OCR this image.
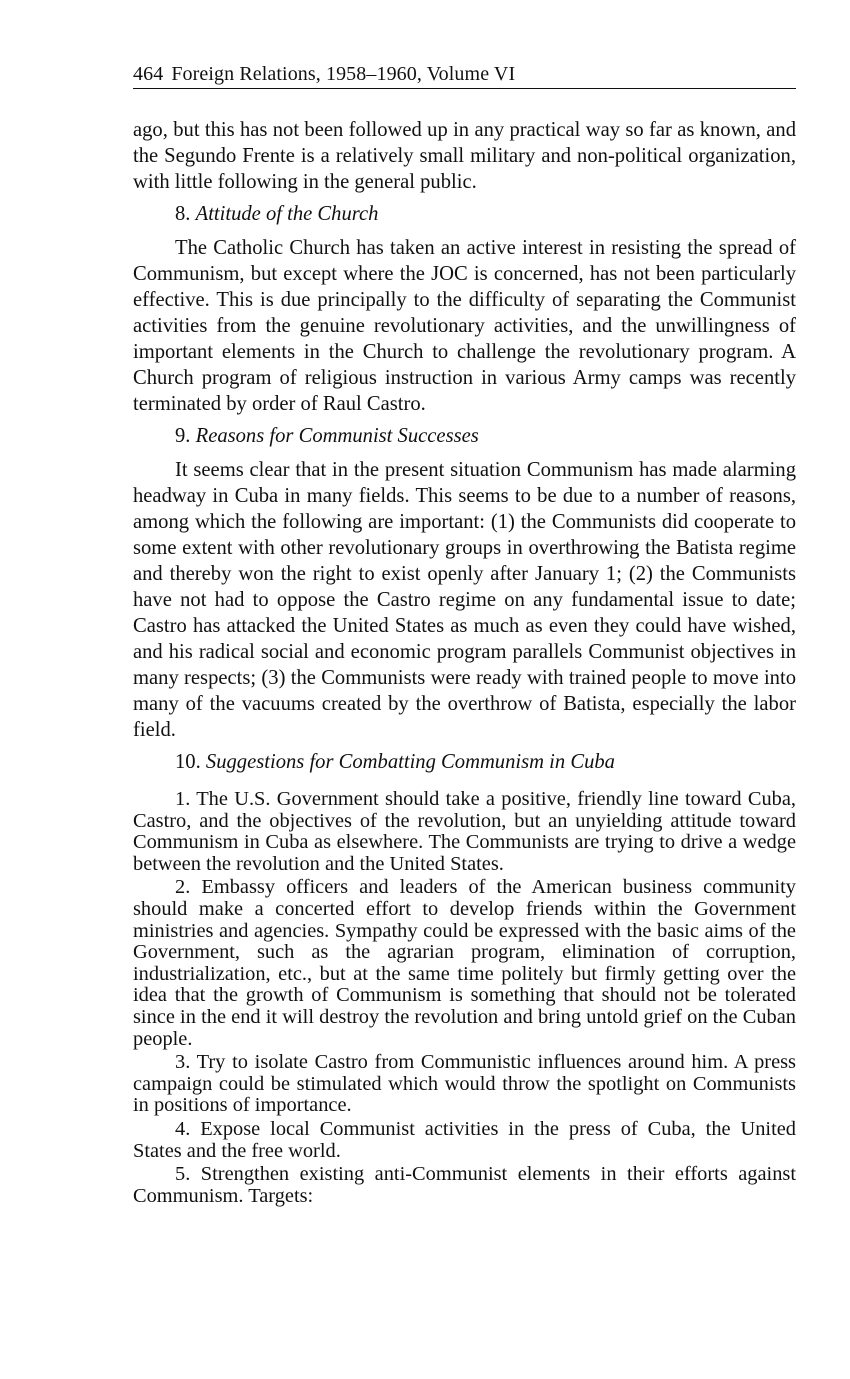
464 Foreign Relations, 1958–1960, Volume VI

ago, but this has not been followed up in any practical way so far as known, and the Segundo Frente is a relatively small military and non-political organization, with little following in the general public.

8. Attitude of the Church

The Catholic Church has taken an active interest in resisting the spread of Communism, but except where the JOC is concerned, has not been particularly effective. This is due principally to the difficulty of separating the Communist activities from the genuine revolutionary activities, and the unwillingness of important elements in the Church to challenge the revolutionary program. A Church program of religious instruction in various Army camps was recently terminated by order of Raul Castro.

9. Reasons for Communist Successes

It seems clear that in the present situation Communism has made alarming headway in Cuba in many fields. This seems to be due to a number of reasons, among which the following are important: (1) the Communists did cooperate to some extent with other revolutionary groups in overthrowing the Batista regime and thereby won the right to exist openly after January 1; (2) the Communists have not had to oppose the Castro regime on any fundamental issue to date; Castro has attacked the United States as much as even they could have wished, and his radical social and economic program parallels Communist objectives in many respects; (3) the Communists were ready with trained people to move into many of the vacuums created by the overthrow of Batista, especially the labor field.

10. Suggestions for Combatting Communism in Cuba

1. The U.S. Government should take a positive, friendly line toward Cuba, Castro, and the objectives of the revolution, but an unyielding attitude toward Communism in Cuba as elsewhere. The Communists are trying to drive a wedge between the revolution and the United States.

2. Embassy officers and leaders of the American business community should make a concerted effort to develop friends within the Government ministries and agencies. Sympathy could be expressed with the basic aims of the Government, such as the agrarian program, elimination of corruption, industrialization, etc., but at the same time politely but firmly getting over the idea that the growth of Communism is something that should not be tolerated since in the end it will destroy the revolution and bring untold grief on the Cuban people.

3. Try to isolate Castro from Communistic influences around him. A press campaign could be stimulated which would throw the spotlight on Communists in positions of importance.

4. Expose local Communist activities in the press of Cuba, the United States and the free world.

5. Strengthen existing anti-Communist elements in their efforts against Communism. Targets:
